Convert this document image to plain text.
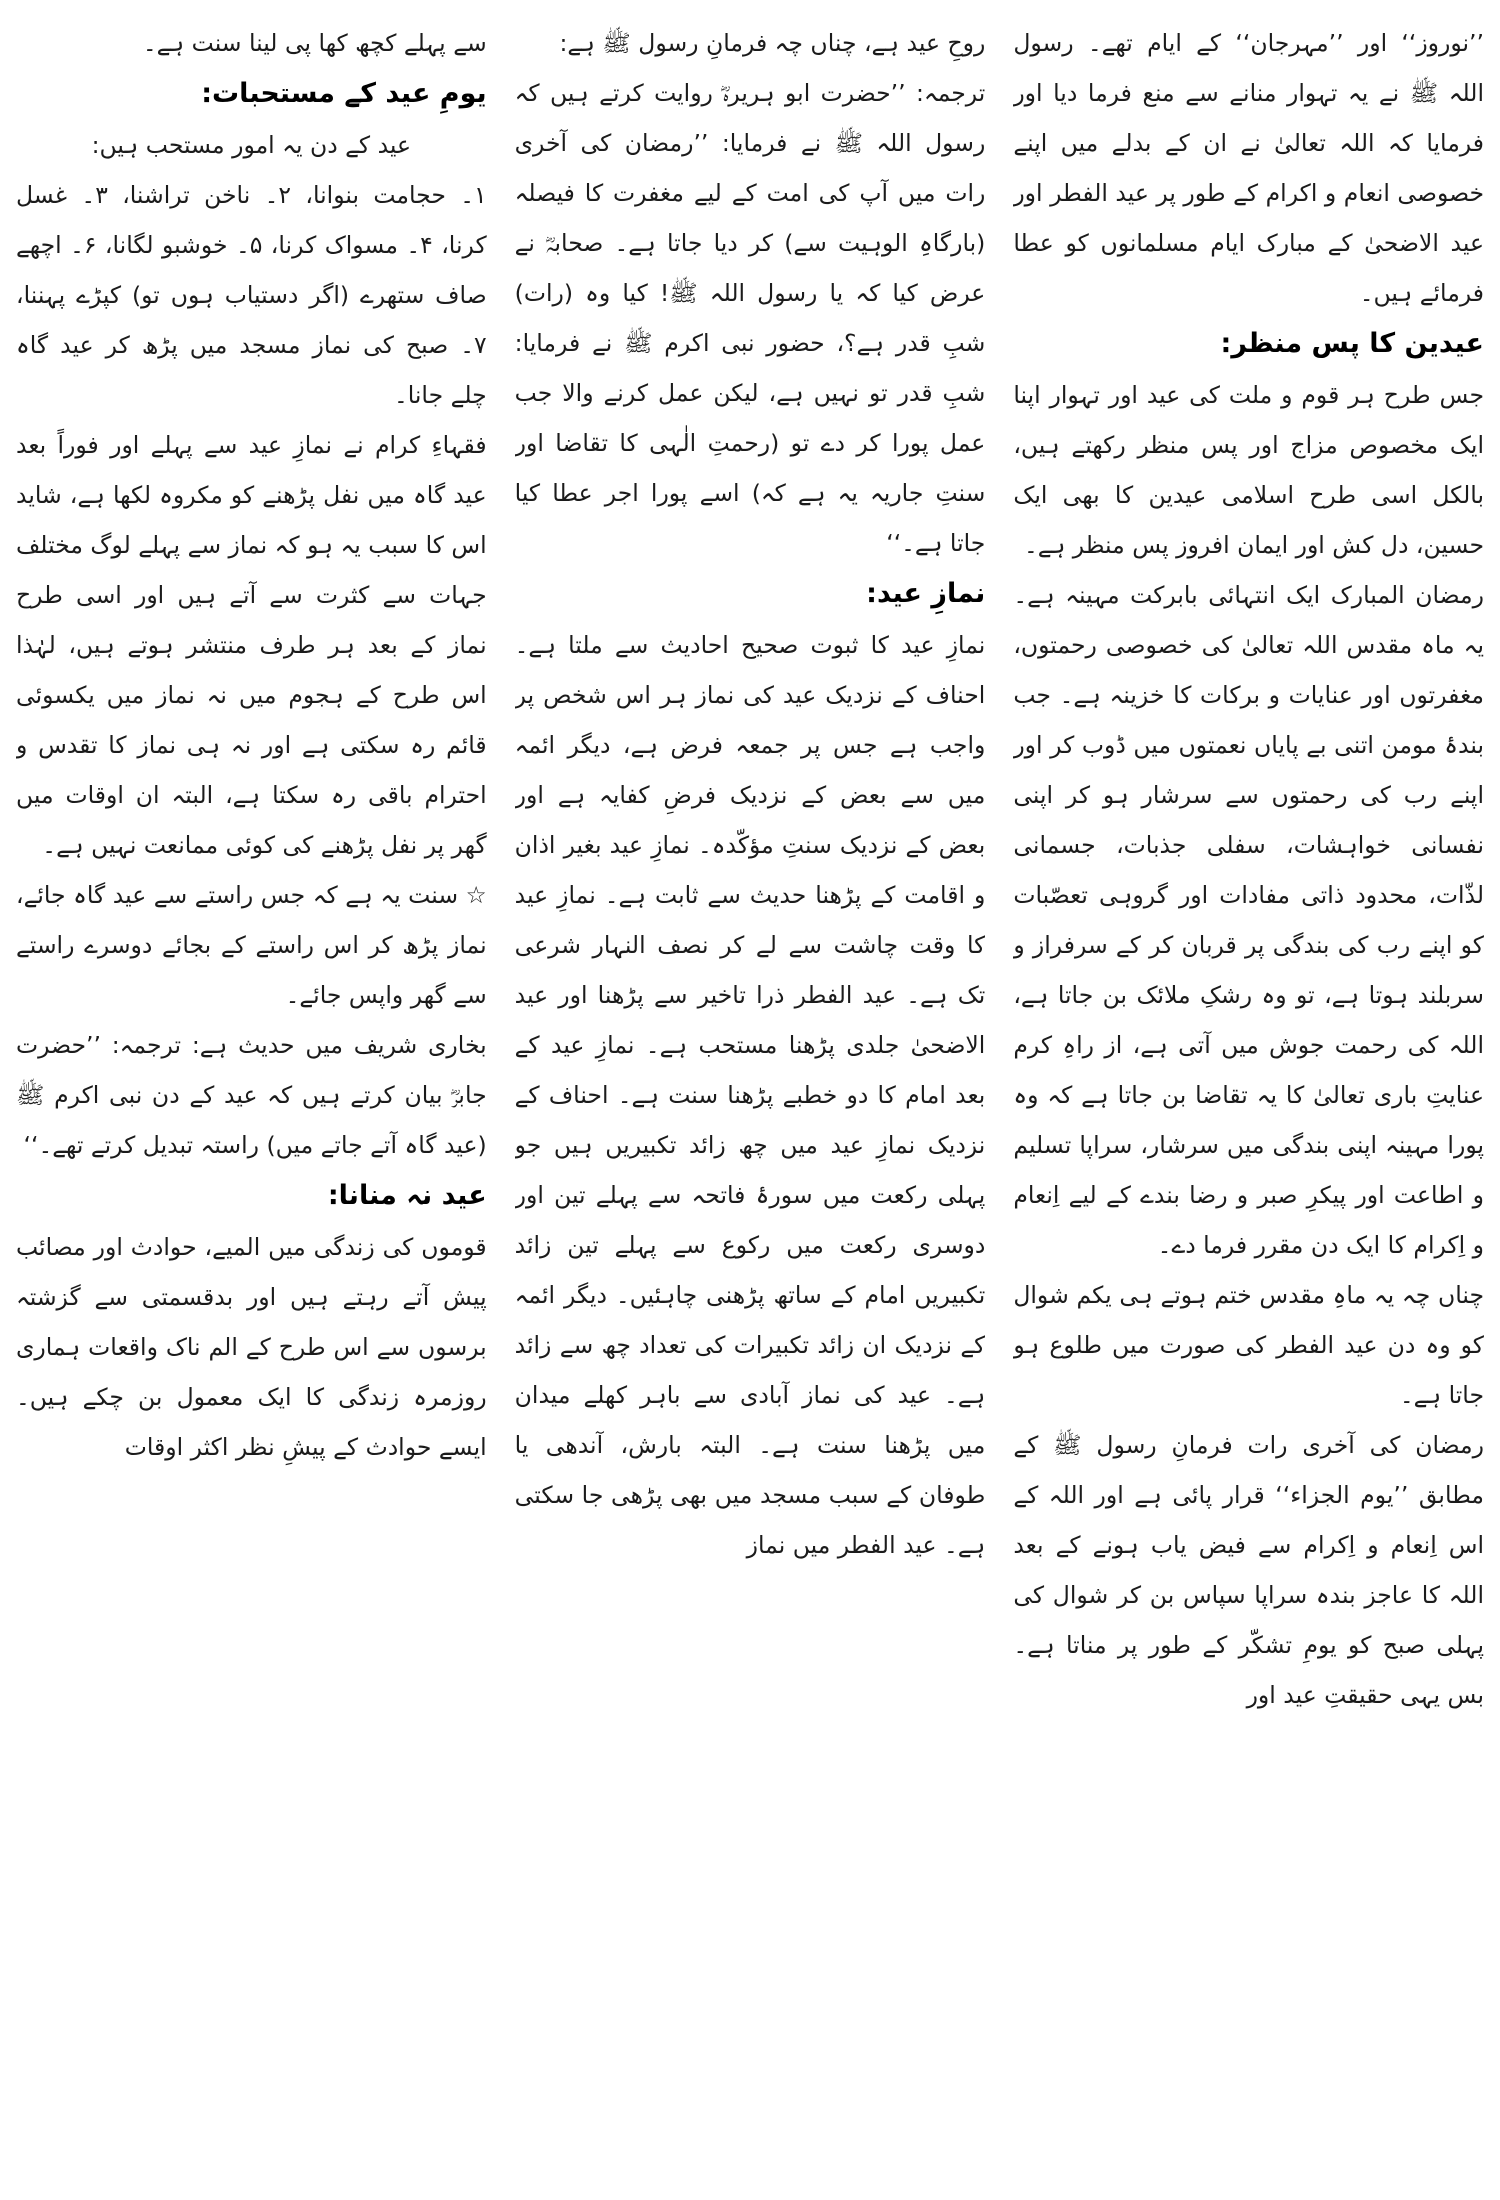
’’نوروز‘‘ اور ’’مہرجان‘‘ کے ایام تھے۔ رسول اللہ ﷺ نے یہ تہوار منانے سے منع فرما دیا اور فرمایا کہ اللہ تعالیٰ نے ان کے بدلے میں اپنے خصوصی انعام و اکرام کے طور پر عید الفطر اور عید الاضحیٰ کے مبارک ایام مسلمانوں کو عطا فرمائے ہیں۔

عیدین کا پس منظر:

جس طرح ہر قوم و ملت کی عید اور تہوار اپنا ایک مخصوص مزاج اور پس منظر رکھتے ہیں، بالکل اسی طرح اسلامی عیدین کا بھی ایک حسین، دل کش اور ایمان افروز پس منظر ہے۔

رمضان المبارک ایک انتہائی بابرکت مہینہ ہے۔ یہ ماہ مقدس اللہ تعالیٰ کی خصوصی رحمتوں، مغفرتوں اور عنایات و برکات کا خزینہ ہے۔ جب بندۂ مومن اتنی بے پایاں نعمتوں میں ڈوب کر اور اپنے رب کی رحمتوں سے سرشار ہو کر اپنی نفسانی خواہشات، سفلی جذبات، جسمانی لذّات، محدود ذاتی مفادات اور گروہی تعصّبات کو اپنے رب کی بندگی پر قربان کر کے سرفراز و سربلند ہوتا ہے، تو وہ رشکِ ملائک بن جاتا ہے، اللہ کی رحمت جوش میں آتی ہے، از راہِ کرم عنایتِ باری تعالیٰ کا یہ تقاضا بن جاتا ہے کہ وہ پورا مہینہ اپنی بندگی میں سرشار، سراپا تسلیم و اطاعت اور پیکرِ صبر و رضا بندے کے لیے اِنعام و اِکرام کا ایک دن مقرر فرما دے۔

چناں چہ یہ ماہِ مقدس ختم ہوتے ہی یکم شوال کو وہ دن عید الفطر کی صورت میں طلوع ہو جاتا ہے۔

رمضان کی آخری رات فرمانِ رسول ﷺ کے مطابق ’’یوم الجزاء‘‘ قرار پائی ہے اور اللہ کے اس اِنعام و اِکرام سے فیض یاب ہونے کے بعد اللہ کا عاجز بندہ سراپا سپاس بن کر شوال کی پہلی صبح کو یومِ تشکّر کے طور پر مناتا ہے۔ بس یہی حقیقتِ عید اور

روحِ عید ہے، چناں چہ فرمانِ رسول ﷺ ہے:

ترجمہ: ’’حضرت ابو ہریرہؓ روایت کرتے ہیں کہ رسول اللہ ﷺ نے فرمایا: ’’رمضان کی آخری رات میں آپ کی امت کے لیے مغفرت کا فیصلہ (بارگاہِ الوہیت سے) کر دیا جاتا ہے۔ صحابہؓ نے عرض کیا کہ یا رسول اللہ ﷺ! کیا وہ (رات) شبِ قدر ہے؟، حضور نبی اکرم ﷺ نے فرمایا: شبِ قدر تو نہیں ہے، لیکن عمل کرنے والا جب عمل پورا کر دے تو (رحمتِ الٰہی کا تقاضا اور سنتِ جاریہ یہ ہے کہ) اسے پورا اجر عطا کیا جاتا ہے۔‘‘

نمازِ عید:

نمازِ عید کا ثبوت صحیح احادیث سے ملتا ہے۔ احناف کے نزدیک عید کی نماز ہر اس شخص پر واجب ہے جس پر جمعہ فرض ہے، دیگر ائمہ میں سے بعض کے نزدیک فرضِ کفایہ ہے اور بعض کے نزدیک سنتِ مؤکّدہ۔ نمازِ عید بغیر اذان و اقامت کے پڑھنا حدیث سے ثابت ہے۔ نمازِ عید کا وقت چاشت سے لے کر نصف النہار شرعی تک ہے۔ عید الفطر ذرا تاخیر سے پڑھنا اور عید الاضحیٰ جلدی پڑھنا مستحب ہے۔ نمازِ عید کے بعد امام کا دو خطبے پڑھنا سنت ہے۔ احناف کے نزدیک نمازِ عید میں چھ زائد تکبیریں ہیں جو پہلی رکعت میں سورۂ فاتحہ سے پہلے تین اور دوسری رکعت میں رکوع سے پہلے تین زائد تکبیریں امام کے ساتھ پڑھنی چاہئیں۔ دیگر ائمہ کے نزدیک ان زائد تکبیرات کی تعداد چھ سے زائد ہے۔ عید کی نماز آبادی سے باہر کھلے میدان میں پڑھنا سنت ہے۔ البتہ بارش، آندھی یا طوفان کے سبب مسجد میں بھی پڑھی جا سکتی ہے۔ عید الفطر میں نماز

سے پہلے کچھ کھا پی لینا سنت ہے۔

یومِ عید کے مستحبات:

عید کے دن یہ امور مستحب ہیں:

۱۔ حجامت بنوانا، ۲۔ ناخن تراشنا، ۳۔ غسل کرنا، ۴۔ مسواک کرنا، ۵۔ خوشبو لگانا، ۶۔ اچھے صاف ستھرے (اگر دستیاب ہوں تو) کپڑے پہننا، ۷۔ صبح کی نماز مسجد میں پڑھ کر عید گاہ چلے جانا۔

فقہاءِ کرام نے نمازِ عید سے پہلے اور فوراً بعد عید گاہ میں نفل پڑھنے کو مکروہ لکھا ہے، شاید اس کا سبب یہ ہو کہ نماز سے پہلے لوگ مختلف جہات سے کثرت سے آتے ہیں اور اسی طرح نماز کے بعد ہر طرف منتشر ہوتے ہیں، لہٰذا اس طرح کے ہجوم میں نہ نماز میں یکسوئی قائم رہ سکتی ہے اور نہ ہی نماز کا تقدس و احترام باقی رہ سکتا ہے، البتہ ان اوقات میں گھر پر نفل پڑھنے کی کوئی ممانعت نہیں ہے۔

☆ سنت یہ ہے کہ جس راستے سے عید گاہ جائے، نماز پڑھ کر اس راستے کے بجائے دوسرے راستے سے گھر واپس جائے۔

بخاری شریف میں حدیث ہے: ترجمہ: ’’حضرت جابرؓ بیان کرتے ہیں کہ عید کے دن نبی اکرم ﷺ (عید گاہ آتے جاتے میں) راستہ تبدیل کرتے تھے۔‘‘

عید نہ منانا:

قوموں کی زندگی میں المیے، حوادث اور مصائب پیش آتے رہتے ہیں اور بدقسمتی سے گزشتہ برسوں سے اس طرح کے الم ناک واقعات ہماری روزمرہ زندگی کا ایک معمول بن چکے ہیں۔ ایسے حوادث کے پیشِ نظر اکثر اوقات
